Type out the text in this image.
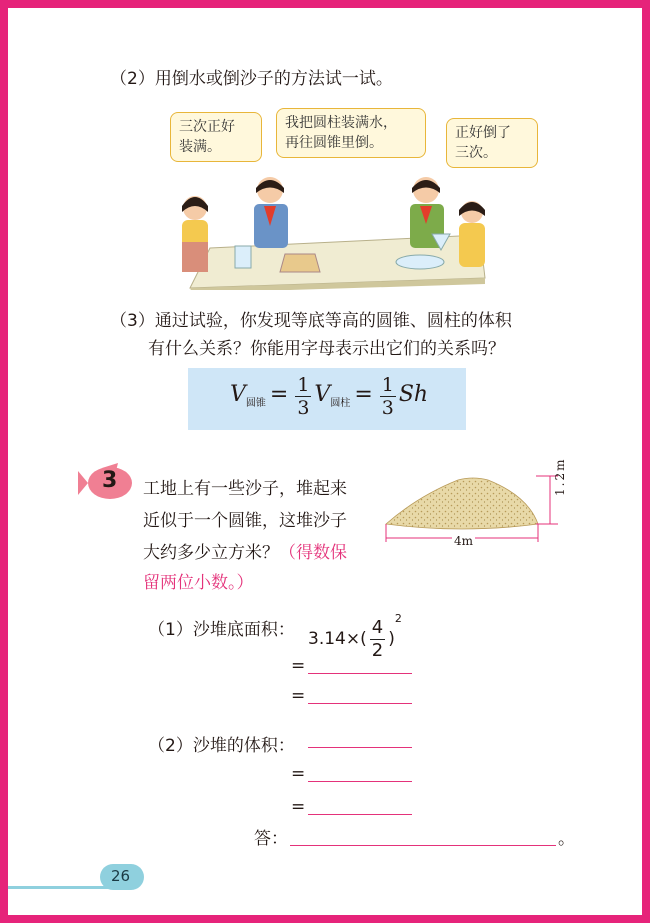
（2）用倒水或倒沙子的方法试一试。
三次正好
装满。
我把圆柱装满水，
再往圆锥里倒。
正好倒了
三次。
（3）通过试验，你发现等底等高的圆锥、圆柱的体积
有什么关系？你能用字母表示出它们的关系吗？
$V_{圆锥} = \frac{1}{3} V_{圆柱} = \frac{1}{3}$ Sh
3 工地上有一些沙子，堆起来
近似于一个圆锥，这堆沙子
大约多少立方米？（得数保
留两位小数。）
1.2m
4m
（1）沙堆底面积： $3.14\times( \frac{4}{2} )^2$
=
=
（2）沙堆的体积：
=
=
答：	。
26
